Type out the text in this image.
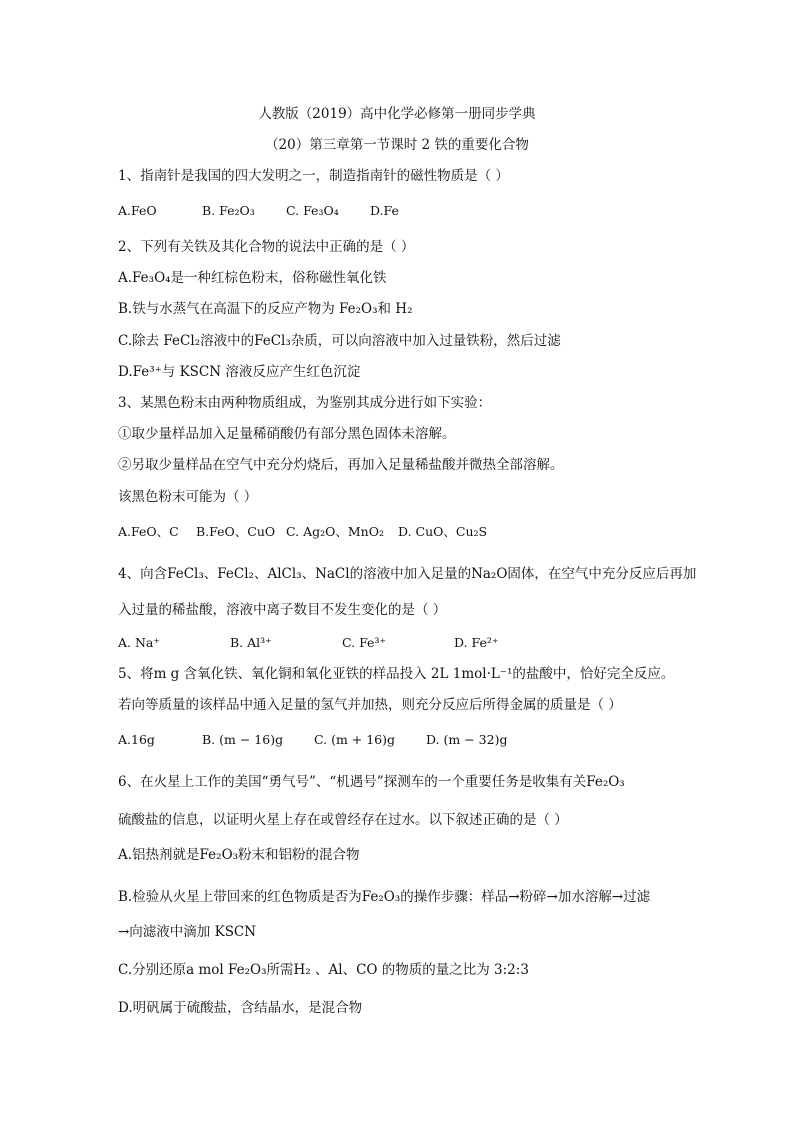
人教版（2019）高中化学必修第一册同步学典
（20）第三章第一节课时 2 铁的重要化合物
1、指南针是我国的四大发明之一，制造指南针的磁性物质是（ ）
A.FeO	B. Fe₂O₃ C. Fe₃O₄	D.Fe
2、下列有关铁及其化合物的说法中正确的是（ ）
A.Fe₃O₄是一种红棕色粉末，俗称磁性氧化铁
B.铁与水蒸气在高温下的反应产物为 Fe₂O₃和 H₂
C.除去 FeCl₂溶液中的FeCl₃杂质，可以向溶液中加入过量铁粉，然后过滤
D.Fe³⁺与 KSCN 溶液反应产生红色沉淀
3、某黑色粉末由两种物质组成，为鉴别其成分进行如下实验：
①取少量样品加入足量稀硝酸仍有部分黑色固体未溶解。
②另取少量样品在空气中充分灼烧后，再加入足量稀盐酸并微热全部溶解。
该黑色粉末可能为（ ）
A.FeO、C B.FeO、CuO C. Ag₂O、MnO₂ D. CuO、Cu₂S
4、向含FeCl₃、FeCl₂、AlCl₃、NaCl的溶液中加入足量的Na₂O固体，在空气中充分反应后再加
入过量的稀盐酸，溶液中离子数目不发生变化的是（ ）
A. Na⁺	B. Al³⁺	C. Fe³⁺	D. Fe²⁺
5、将m g 含氧化铁、氧化铜和氧化亚铁的样品投入 2L 1mol·L⁻¹的盐酸中，恰好完全反应。
若向等质量的该样品中通入足量的氢气并加热，则充分反应后所得金属的质量是（ ）
A.16g	B. (m − 16)g C. (m + 16)g D. (m − 32)g
6、在火星上工作的美国“勇气号”、“机遇号”探测车的一个重要任务是收集有关Fe₂O₃
硫酸盐的信息，以证明火星上存在或曾经存在过水。以下叙述正确的是（ ）
A.铝热剂就是Fe₂O₃粉末和铝粉的混合物
B.检验从火星上带回来的红色物质是否为Fe₂O₃的操作步骤：样品→粉碎→加水溶解→过滤
→向滤液中滴加 KSCN
C.分别还原a mol Fe₂O₃所需H₂ 、Al、CO 的物质的量之比为 3:2:3
D.明矾属于硫酸盐，含结晶水，是混合物
